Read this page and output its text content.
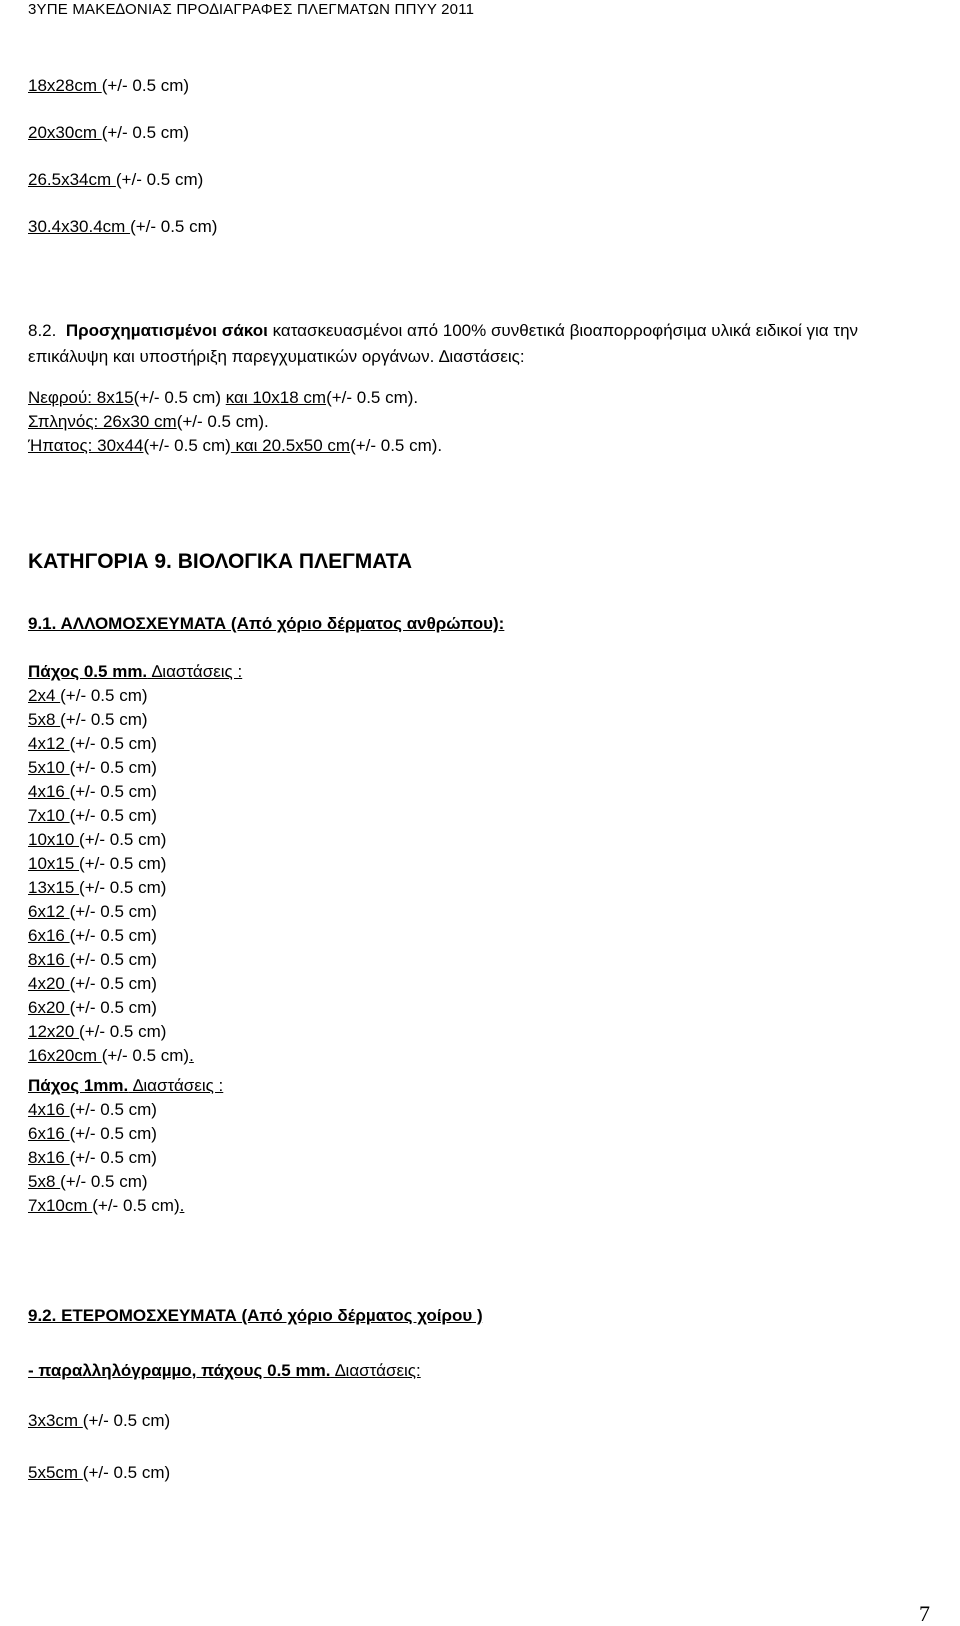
3ΥΠΕ ΜΑΚΕ∆ΟΝΙΑΣ ΠΡΟ∆ΙΑΓΡΑΦΕΣ ΠΛΕΓΜΑΤΩΝ ΠΠΥΥ 2011
18x28cm (+/- 0.5 cm)
20x30cm (+/- 0.5 cm)
26.5x34cm (+/- 0.5 cm)
30.4x30.4cm (+/- 0.5 cm)
8.2. Προσχηµατισµένοι σάκοι κατασκευασµένοι από 100% συνθετικά βιοαπορροφήσιµα υλικά ειδικοί για την επικάλυψη και υποστήριξη παρεγχυµατικών οργάνων. ∆ιαστάσεις:
Νεφρού: 8x15(+/- 0.5 cm) και 10x18 cm(+/- 0.5 cm).
Σπληνός: 26x30 cm(+/- 0.5 cm).
Ήπατος: 30x44(+/- 0.5 cm) και 20.5x50 cm(+/- 0.5 cm).
ΚΑΤΗΓΟΡΙΑ 9. ΒΙΟΛΟΓΙΚΑ ΠΛΕΓΜΑΤΑ
9.1. ΑΛΛΟΜΟΣΧΕΥΜΑΤΑ (Από χόριο δέρµατος ανθρώπου):
Πάχος 0.5 mm. ∆ιαστάσεις :
2x4 (+/- 0.5 cm)
5x8 (+/- 0.5 cm)
4x12 (+/- 0.5 cm)
5x10 (+/- 0.5 cm)
4x16 (+/- 0.5 cm)
7x10 (+/- 0.5 cm)
10x10 (+/- 0.5 cm)
10x15 (+/- 0.5 cm)
13x15 (+/- 0.5 cm)
6x12 (+/- 0.5 cm)
6x16 (+/- 0.5 cm)
8x16 (+/- 0.5 cm)
4x20 (+/- 0.5 cm)
6x20 (+/- 0.5 cm)
12x20 (+/- 0.5 cm)
16x20cm (+/- 0.5 cm).
Πάχος 1mm. ∆ιαστάσεις :
4x16 (+/- 0.5 cm)
6x16 (+/- 0.5 cm)
8x16 (+/- 0.5 cm)
5x8 (+/- 0.5 cm)
7x10cm (+/- 0.5 cm).
9.2. ΕΤΕΡΟΜΟΣΧΕΥΜΑΤΑ (Από χόριο δέρµατος χοίρου )
- παραλληλόγραµµο, πάχους 0.5 mm. ∆ιαστάσεις:
3x3cm (+/- 0.5 cm)
5x5cm (+/- 0.5 cm)
7
